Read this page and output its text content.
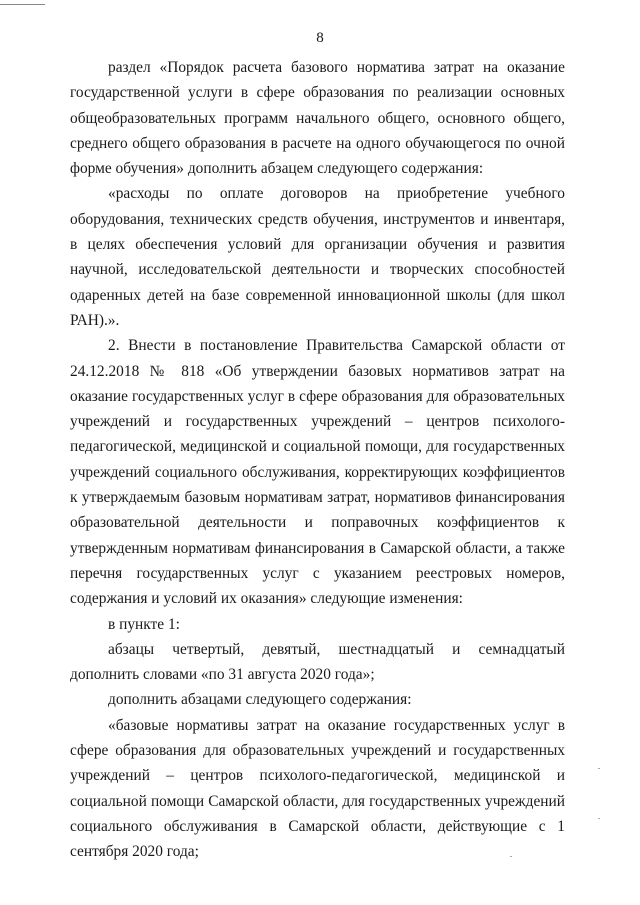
8

раздел «Порядок расчета базового норматива затрат на оказание государственной услуги в сфере образования по реализации основных общеобразовательных программ начального общего, основного общего, среднего общего образования в расчете на одного обучающегося по очной форме обучения» дополнить абзацем следующего содержания:

«расходы по оплате договоров на приобретение учебного оборудования, технических средств обучения, инструментов и инвентаря, в целях обеспечения условий для организации обучения и развития научной, исследовательской деятельности и творческих способностей одаренных детей на базе современной инновационной школы (для школ РАН).».

2. Внести в постановление Правительства Самарской области от 24.12.2018 № 818 «Об утверждении базовых нормативов затрат на оказание государственных услуг в сфере образования для образовательных учреждений и государственных учреждений – центров психолого-педагогической, медицинской и социальной помощи, для государственных учреждений социального обслуживания, корректирующих коэффициентов к утверждаемым базовым нормативам затрат, нормативов финансирования образовательной деятельности и поправочных коэффициентов к утвержденным нормативам финансирования в Самарской области, а также перечня государственных услуг с указанием реестровых номеров, содержания и условий их оказания» следующие изменения:

в пункте 1:

абзацы четвертый, девятый, шестнадцатый и семнадцатый дополнить словами «по 31 августа 2020 года»;

дополнить абзацами следующего содержания:

«базовые нормативы затрат на оказание государственных услуг в сфере образования для образовательных учреждений и государственных учреждений – центров психолого-педагогической, медицинской и социальной помощи Самарской области, для государственных учреждений социального обслуживания в Самарской области, действующие с 1 сентября 2020 года;
